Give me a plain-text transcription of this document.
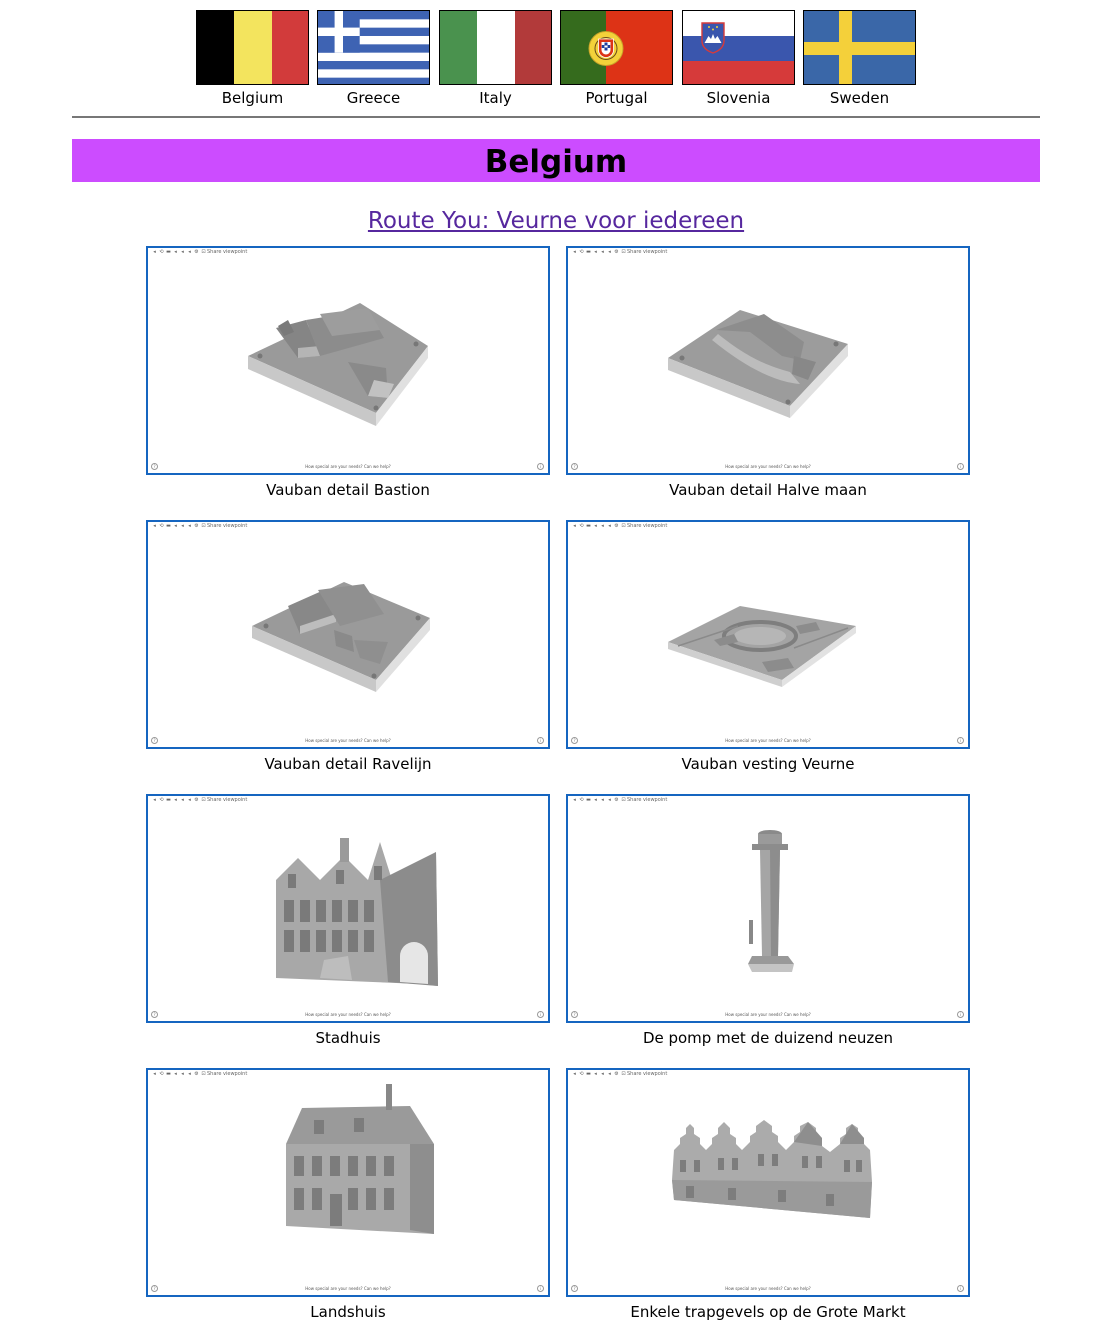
Belgium	Greece	Italy	Portugal	Slovenia	Sweden
Belgium
Route You: Veurne voor iedereen
◂ ⟲ ▬ ◂ ◂ ◂ ⚙ ⊡Share viewpoint
?	How special are your needs? Can we help?	i
Vauban detail Bastion
◂ ⟲ ▬ ◂ ◂ ◂ ⚙ ⊡Share viewpoint
?	How special are your needs? Can we help?	i
Vauban detail Halve maan
◂ ⟲ ▬ ◂ ◂ ◂ ⚙ ⊡Share viewpoint
?	How special are your needs? Can we help?	i
Vauban detail Ravelijn
◂ ⟲ ▬ ◂ ◂ ◂ ⚙ ⊡Share viewpoint
?	How special are your needs? Can we help?	i
Vauban vesting Veurne
◂ ⟲ ▬ ◂ ◂ ◂ ⚙ ⊡Share viewpoint
?	How special are your needs? Can we help?	i
Stadhuis
◂ ⟲ ▬ ◂ ◂ ◂ ⚙ ⊡Share viewpoint
?	How special are your needs? Can we help?	i
De pomp met de duizend neuzen
◂ ⟲ ▬ ◂ ◂ ◂ ⚙ ⊡Share viewpoint
?	How special are your needs? Can we help?	i
Landshuis
◂ ⟲ ▬ ◂ ◂ ◂ ⚙ ⊡Share viewpoint
?	How special are your needs? Can we help?	i
Enkele trapgevels op de Grote Markt
